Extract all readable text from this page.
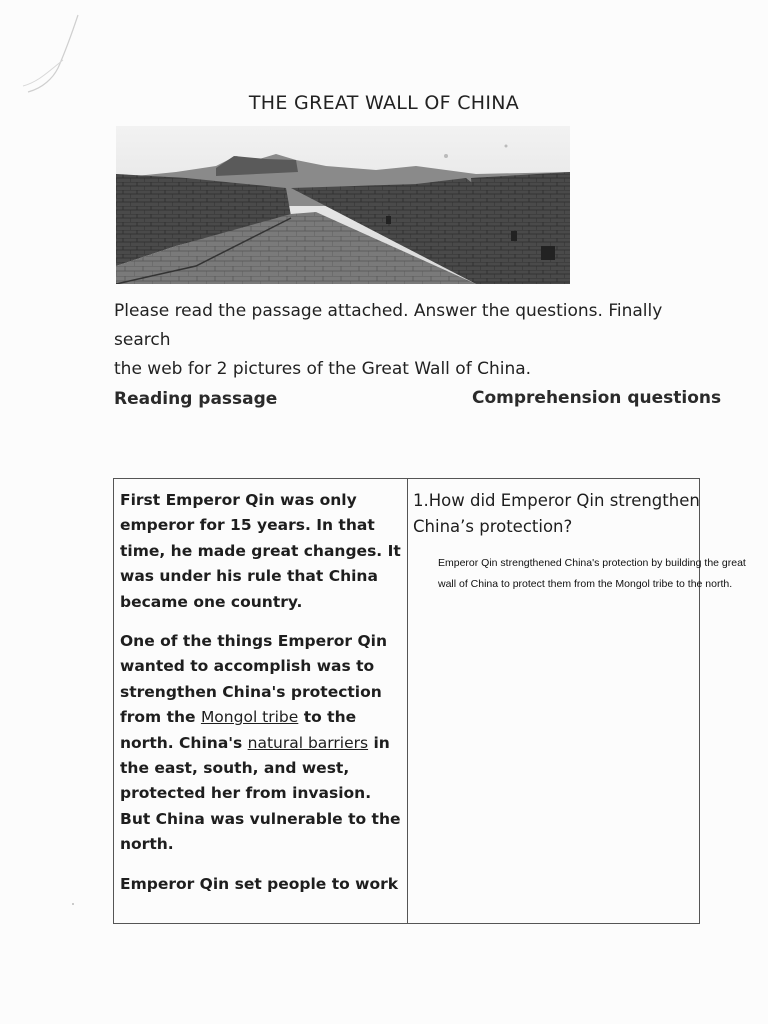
THE GREAT WALL OF CHINA
Please read the passage attached. Answer the questions. Finally search
the web for 2 pictures of the Great Wall of China.
Reading passage	Comprehension questions

First Emperor Qin was only emperor for 15 years. In that time, he made great changes. It was under his rule that China became one country.

One of the things Emperor Qin wanted to accomplish was to strengthen China's protection from the Mongol tribe to the north. China's natural barriers in the east, south, and west, protected her from invasion. But China was vulnerable to the north.

Emperor Qin set people to work

1.How did Emperor Qin strengthen China’s protection?
Emperor Qin strengthened China's protection by building the great wall of China to protect them from the Mongol tribe to the north.
